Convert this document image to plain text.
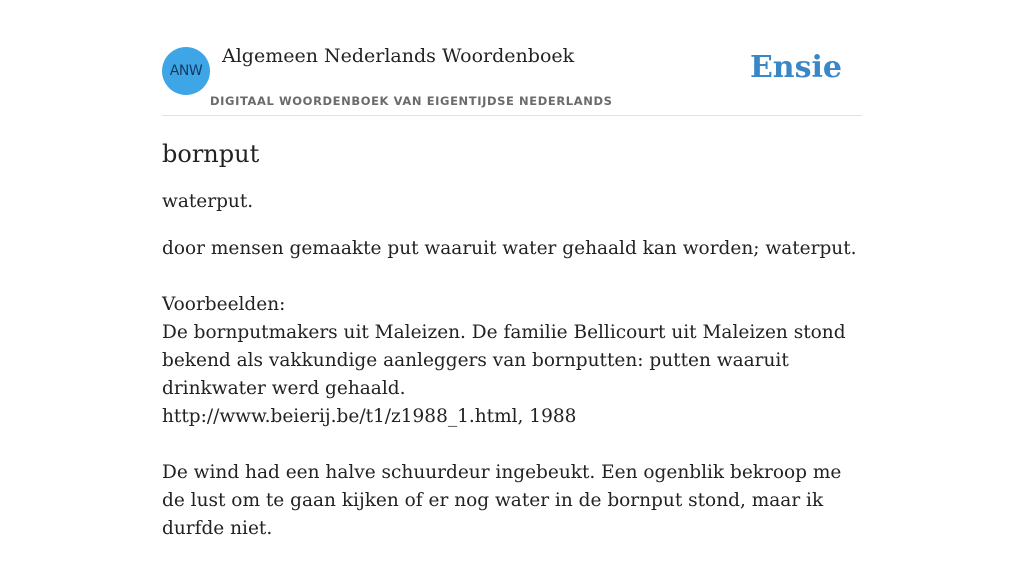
ANW
Algemeen Nederlands Woordenboek
DIGITAAL WOORDENBOEK VAN EIGENTIJDSE NEDERLANDS
Ensie
bornput

waterput.

door mensen gemaakte put waaruit water gehaald kan worden; waterput.

Voorbeelden:

De bornputmakers uit Maleizen. De familie Bellicourt uit Maleizen stond bekend als vakkundige aanleggers van bornputten: putten waaruit drinkwater werd gehaald.

http://www.beierij.be/t1/z1988_1.html, 1988

De wind had een halve schuurdeur ingebeukt. Een ogenblik bekroop me de lust om te gaan kijken of er nog water in de bornput stond, maar ik durfde niet.
